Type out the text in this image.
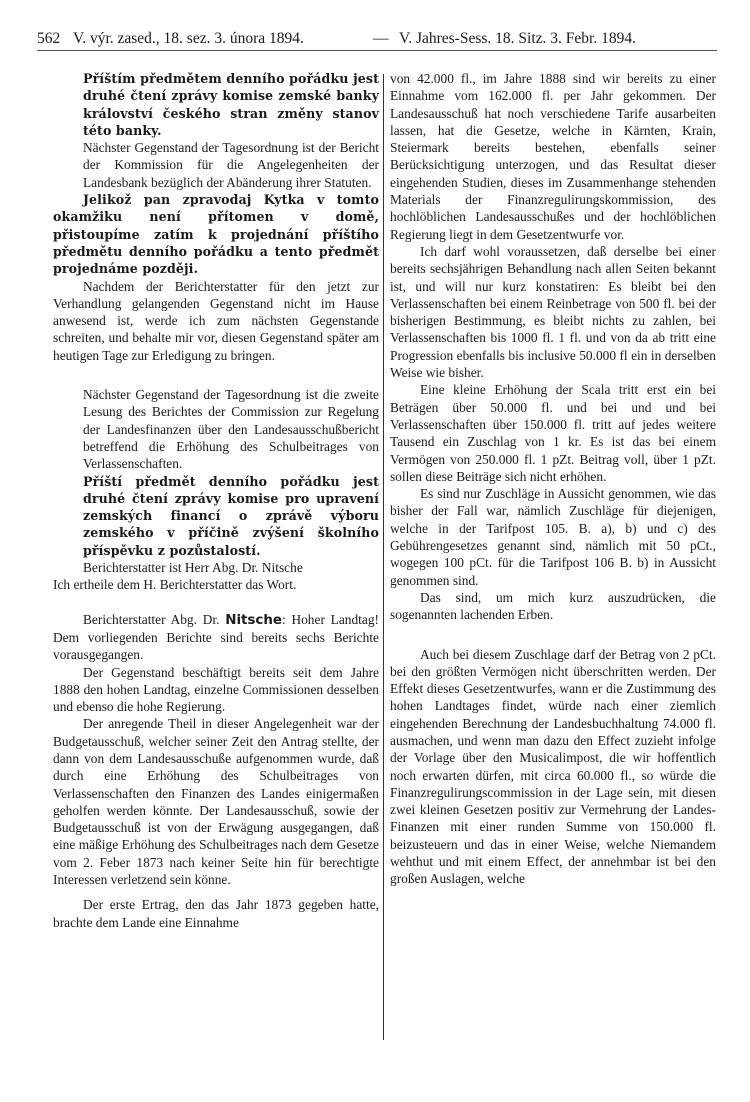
562 V. výr. zased., 18. sez. 3. února 1894.	— V. Jahres-Sess. 18. Sitz. 3. Febr. 1894.

Příštím předmětem denního pořádku jest druhé čtení zprávy komise zemské banky království českého stran změny stanov této banky.

Nächster Gegenstand der Tagesordnung ist der Bericht der Kommission für die Angelegenheiten der Landesbank bezüglich der Abänderung ihrer Statuten.

Jelikož pan zpravodaj Kytka v tomto okamžiku není přítomen v domě, přistoupíme zatím k projednání příštího předmětu denního pořádku a tento předmět projednáme později.

Nachdem der Berichterstatter für den jetzt zur Verhandlung gelangenden Gegenstand nicht im Hause anwesend ist, werde ich zum nächsten Gegenstande schreiten, und behalte mir vor, diesen Gegenstand später am heutigen Tage zur Erledigung zu bringen.

Nächster Gegenstand der Tagesordnung ist die zweite Lesung des Berichtes der Commission zur Regelung der Landesfinanzen über den Landesausschußbericht betreffend die Erhöhung des Schulbeitrages von Verlassenschaften.

Příští předmět denního pořádku jest druhé čtení zprávy komise pro upravení zemských financí o zprávě výboru zemského v příčině zvýšení školního příspěvku z pozůstalostí.

Berichterstatter ist Herr Abg. Dr. Nitsche

Ich ertheile dem H. Berichterstatter das Wort.

Berichterstatter Abg. Dr. Nitsche: Hoher Landtag! Dem vorliegenden Berichte sind bereits sechs Berichte vorausgegangen.

Der Gegenstand beschäftigt bereits seit dem Jahre 1888 den hohen Landtag, einzelne Commissionen desselben und ebenso die hohe Regierung.

Der anregende Theil in dieser Angelegenheit war der Budgetausschuß, welcher seiner Zeit den Antrag stellte, der dann von dem Landesausschuße aufgenommen wurde, daß durch eine Erhöhung des Schulbeitrages von Verlassenschaften den Finanzen des Landes einigermaßen geholfen werden könnte. Der Landesausschuß, sowie der Budgetausschuß ist von der Erwägung ausgegangen, daß eine mäßige Erhöhung des Schulbeitrages nach dem Gesetze vom 2. Feber 1873 nach keiner Seite hin für berechtigte Interessen verletzend sein könne.

Der erste Ertrag, den das Jahr 1873 gegeben hatte, brachte dem Lande eine Einnahme

von 42.000 fl., im Jahre 1888 sind wir bereits zu einer Einnahme vom 162.000 fl. per Jahr gekommen. Der Landesausschuß hat noch verschiedene Tarife ausarbeiten lassen, hat die Gesetze, welche in Kärnten, Krain, Steiermark bereits bestehen, ebenfalls seiner Berücksichtigung unterzogen, und das Resultat dieser eingehenden Studien, dieses im Zusammenhange stehenden Materials der Finanzregulirungskommission, des hochlöblichen Landesausschußes und der hochlöblichen Regierung liegt in dem Gesetzentwurfe vor.

Ich darf wohl voraussetzen, daß derselbe bei einer bereits sechsjährigen Behandlung nach allen Seiten bekannt ist, und will nur kurz konstatiren: Es bleibt bei den Verlassenschaften bei einem Reinbetrage von 500 fl. bei der bisherigen Bestimmung, es bleibt nichts zu zahlen, bei Verlassenschaften bis 1000 fl. 1 fl. und von da ab tritt eine Progression ebenfalls bis inclusive 50.000 fl ein in derselben Weise wie bisher.

Eine kleine Erhöhung der Scala tritt erst ein bei Beträgen über 50.000 fl. und bei und und bei Verlassenschaften über 150.000 fl. tritt auf jedes weitere Tausend ein Zuschlag von 1 kr. Es ist das bei einem Vermögen von 250.000 fl. 1 pZt. Beitrag voll, über 1 pZt. sollen diese Beiträge sich nicht erhöhen.

Es sind nur Zuschläge in Aussicht genommen, wie das bisher der Fall war, nämlich Zuschläge für diejenigen, welche in der Tarifpost 105. B. a), b) und c) des Gebührengesetzes genannt sind, nämlich mit 50 pCt., wogegen 100 pCt. für die Tarifpost 106 B. b) in Aussicht genommen sind.

Das sind, um mich kurz auszudrücken, die sogenannten lachenden Erben.

Auch bei diesem Zuschlage darf der Betrag von 2 pCt. bei den größten Vermögen nicht überschritten werden. Der Effekt dieses Gesetzentwurfes, wann er die Zustimmung des hohen Landtages findet, würde nach einer ziemlich eingehenden Berechnung der Landesbuchhaltung 74.000 fl. ausmachen, und wenn man dazu den Effect zuzieht infolge der Vorlage über den Musicalimpost, die wir hoffentlich noch erwarten dürfen, mit circa 60.000 fl., so würde die Finanzregulirungscommission in der Lage sein, mit diesen zwei kleinen Gesetzen positiv zur Vermehrung der Landes-Finanzen mit einer runden Summe von 150.000 fl. beizusteuern und das in einer Weise, welche Niemandem wehthut und mit einem Effect, der annehmbar ist bei den großen Auslagen, welche
